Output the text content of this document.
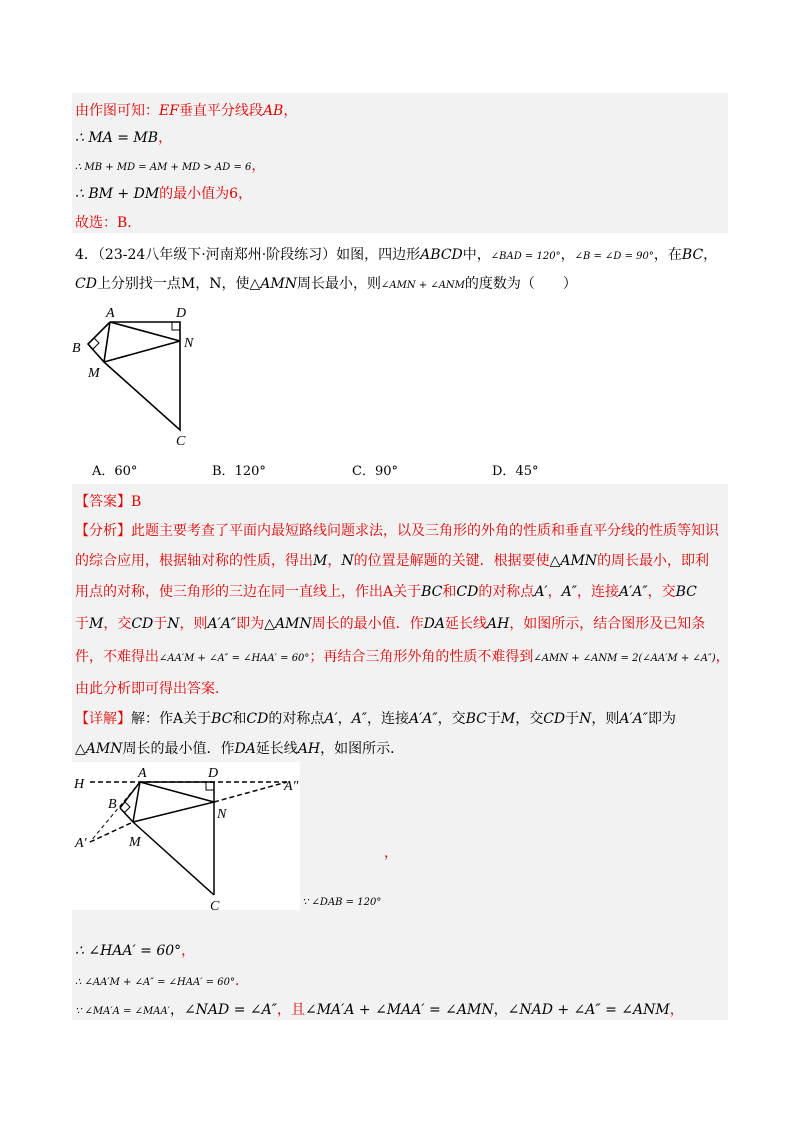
由作图可知：EF垂直平分线段AB，
∴ MA = MB，
∴ MB + MD = AM + MD > AD = 6，
∴ BM + DM的最小值为6，
故选：B．
4．（23-24八年级下·河南郑州·阶段练习）如图，四边形ABCD中，∠BAD = 120°，∠B = ∠D = 90°，在BC，
CD上分别找一点M，N，使△AMN周长最小，则∠AMN + ∠ANM的度数为（　　）
A	D
B	N
M
C
A．60°	B．120°	C．90°	D．45°
【答案】B
【分析】此题主要考查了平面内最短路线问题求法，以及三角形的外角的性质和垂直平分线的性质等知识
的综合应用，根据轴对称的性质，得出M，N的位置是解题的关键．根据要使△AMN的周长最小，即利
用点的对称，使三角形的三边在同一直线上，作出A关于BC和CD的对称点A′，A″，连接A′A″，交BC
于M，交CD于N，则A′A″即为△AMN周长的最小值．作DA延长线AH，如图所示，结合图形及已知条
件，不难得出∠AA′M + ∠A″ = ∠HAA′ = 60°；再结合三角形外角的性质不难得到∠AMN + ∠ANM = 2(∠AA′M + ∠A″)，
由此分析即可得出答案．
【详解】解：作A关于BC和CD的对称点A′，A″，连接A′A″，交BC于M，交CD于N，则A′A″即为
△AMN周长的最小值．作DA延长线AH，如图所示．
H
A	D
A″
B
N
A′	M
C
，
∵ ∠DAB = 120°
∴ ∠HAA′ = 60°，
∴ ∠AA′M + ∠A″ = ∠HAA′ = 60°．
∵ ∠MA′A = ∠MAA′，∠NAD = ∠A″，且∠MA′A + ∠MAA′ = ∠AMN，∠NAD + ∠A″ = ∠ANM，
